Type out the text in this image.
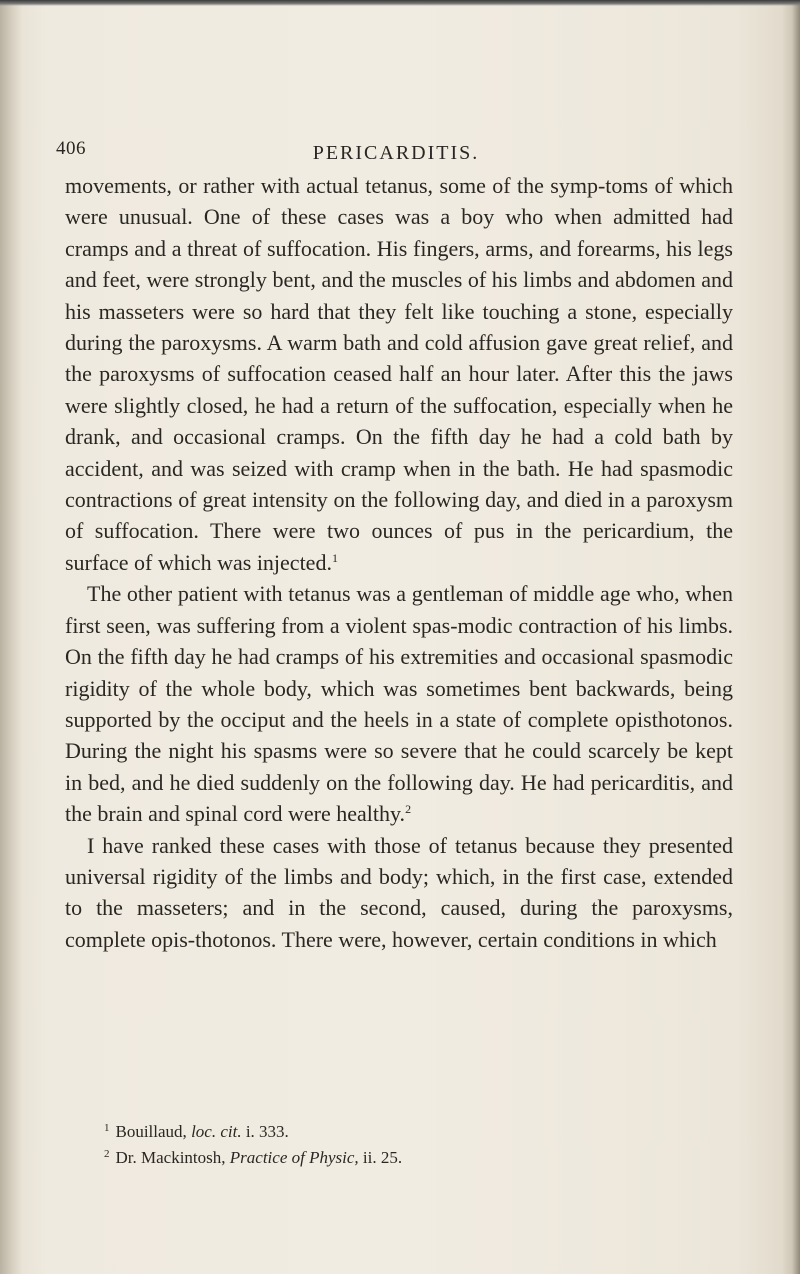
406	PERICARDITIS.

movements, or rather with actual tetanus, some of the symp-toms of which were unusual. One of these cases was a boy who when admitted had cramps and a threat of suffocation. His fingers, arms, and forearms, his legs and feet, were strongly bent, and the muscles of his limbs and abdomen and his masseters were so hard that they felt like touching a stone, especially during the paroxysms. A warm bath and cold affusion gave great relief, and the paroxysms of suffocation ceased half an hour later. After this the jaws were slightly closed, he had a return of the suffocation, especially when he drank, and occasional cramps. On the fifth day he had a cold bath by accident, and was seized with cramp when in the bath. He had spasmodic contractions of great intensity on the following day, and died in a paroxysm of suffocation. There were two ounces of pus in the pericardium, the surface of which was injected.$^1$

The other patient with tetanus was a gentleman of middle age who, when first seen, was suffering from a violent spas-modic contraction of his limbs. On the fifth day he had cramps of his extremities and occasional spasmodic rigidity of the whole body, which was sometimes bent backwards, being supported by the occiput and the heels in a state of complete opisthotonos. During the night his spasms were so severe that he could scarcely be kept in bed, and he died suddenly on the following day. He had pericarditis, and the brain and spinal cord were healthy.$^2$

I have ranked these cases with those of tetanus because they presented universal rigidity of the limbs and body; which, in the first case, extended to the masseters; and in the second, caused, during the paroxysms, complete opis-thotonos. There were, however, certain conditions in which

$^1$ Bouillaud, loc. cit. i. 333.

$^2$ Dr. Mackintosh, Practice of Physic, ii. 25.
